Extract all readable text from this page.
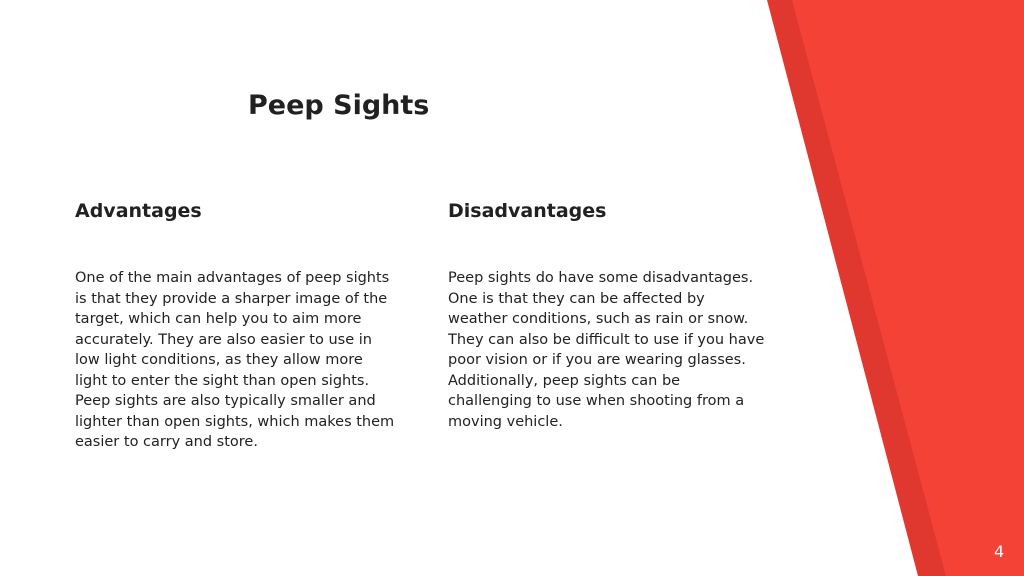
Peep Sights
Advantages

One of the main advantages of peep sights is that they provide a sharper image of the target, which can help you to aim more accurately. They are also easier to use in low light conditions, as they allow more light to enter the sight than open sights. Peep sights are also typically smaller and lighter than open sights, which makes them easier to carry and store.

Disadvantages

Peep sights do have some disadvantages. One is that they can be affected by weather conditions, such as rain or snow. They can also be difficult to use if you have poor vision or if you are wearing glasses. Additionally, peep sights can be challenging to use when shooting from a moving vehicle.

4
